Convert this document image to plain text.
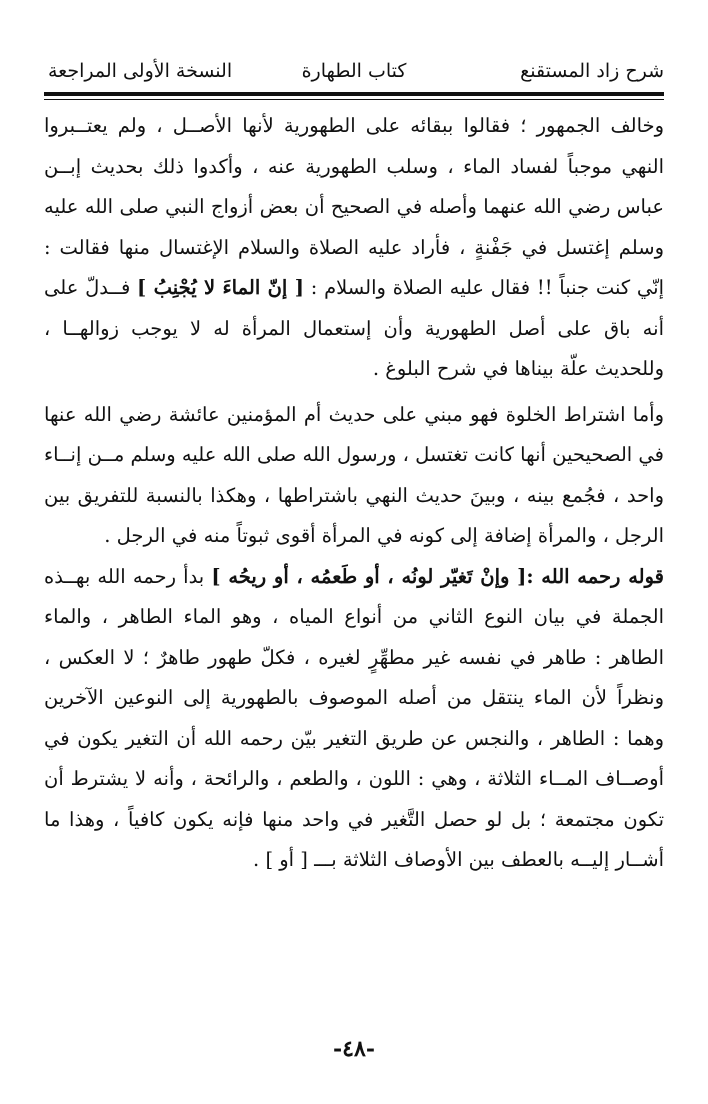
شرح زاد المستقنع
كتاب الطهارة
النسخة الأولى المراجعة

وخالف الجمهور ؛ فقالوا ببقائه على الطهورية لأنها الأصــل ، ولم يعتــبروا النهي موجباً لفساد الماء ، وسلب الطهورية عنه ، وأكدوا ذلك بحديث إبــن عباس رضي الله عنهما وأصله في الصحيح أن بعض أزواج النبي صلى الله عليه وسلم إغتسل في جَفْنةٍ ، فأراد عليه الصلاة والسلام الإغتسال منها فقالت : إنّي كنت جنباً !! فقال عليه الصلاة والسلام : [ إنّ الماءَ لا يُجْنِبُ ] فــدلّ على أنه باق على أصل الطهورية وأن إستعمال المرأة له لا يوجب زوالهــا ، وللحديث علّة بيناها في شرح البلوغ .

وأما اشتراط الخلوة فهو مبني على حديث أم المؤمنين عائشة رضي الله عنها في الصحيحين أنها كانت تغتسل ، ورسول الله صلى الله عليه وسلم مــن إنــاء واحد ، فجُمع بينه ، وبينَ حديث النهي باشتراطها ، وهكذا بالنسبة للتفريق بين الرجل ، والمرأة إضافة إلى كونه في المرأة أقوى ثبوتاً منه في الرجل .

قوله رحمه الله :[ وإنْ تَغيّر لونُه ، أو طَعمُه ، أو ريحُه ] بدأ رحمه الله بهــذه الجملة في بيان النوع الثاني من أنواع المياه ، وهو الماء الطاهر ، والماء الطاهر : طاهر في نفسه غير مطهِّرٍ لغيره ، فكلّ طهور طاهرٌ ؛ لا العكس ، ونظراً لأن الماء ينتقل من أصله الموصوف بالطهورية إلى النوعين الآخرين وهما : الطاهر ، والنجس عن طريق التغير بيّن رحمه الله أن التغير يكون في أوصــاف المــاء الثلاثة ، وهي : اللون ، والطعم ، والرائحة ، وأنه لا يشترط أن تكون مجتمعة ؛ بل لو حصل التَّغير في واحد منها فإنه يكون كافياً ، وهذا ما أشــار إليــه بالعطف بين الأوصاف الثلاثة بـــ [ أو ] .

-٤٨-
